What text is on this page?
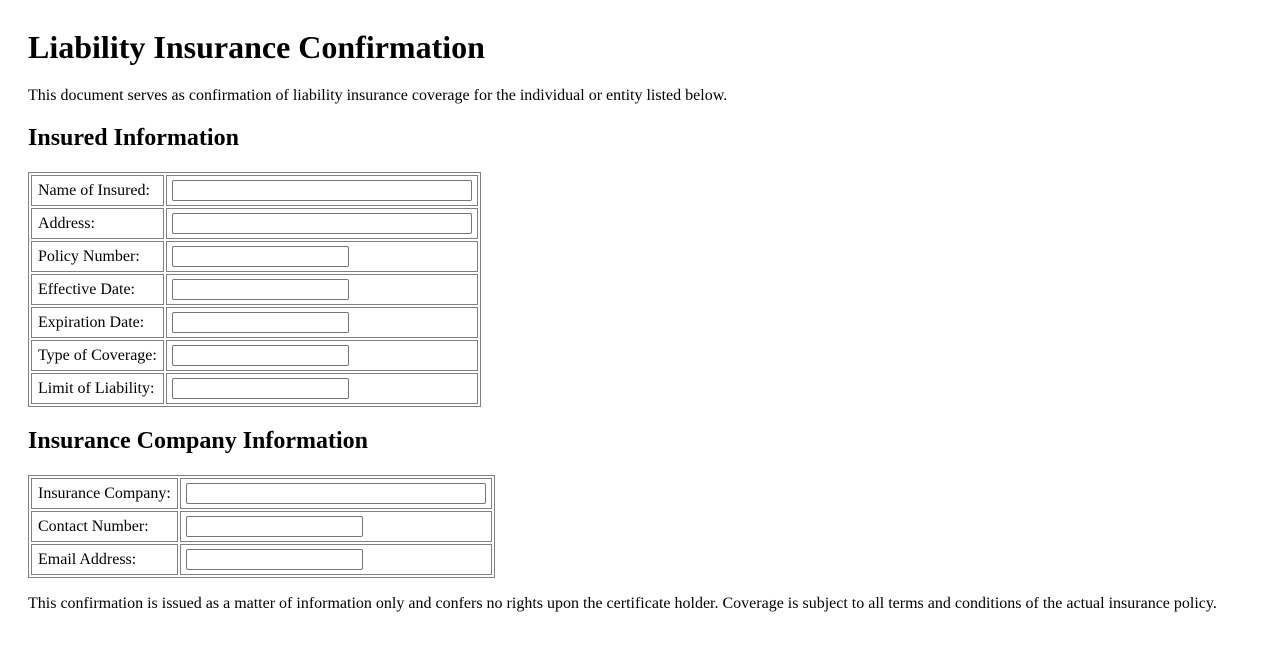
Liability Insurance Confirmation

This document serves as confirmation of liability insurance coverage for the individual or entity listed below.

Insured Information
Name of Insured:	

Address:	

Policy Number:	

Effective Date:	

Expiration Date:	

Type of Coverage:	

Limit of Liability:	
Insurance Company Information
Insurance Company:	

Contact Number:	

Email Address:	

This confirmation is issued as a matter of information only and confers no rights upon the certificate holder. Coverage is subject to all terms and conditions of the actual insurance policy.
